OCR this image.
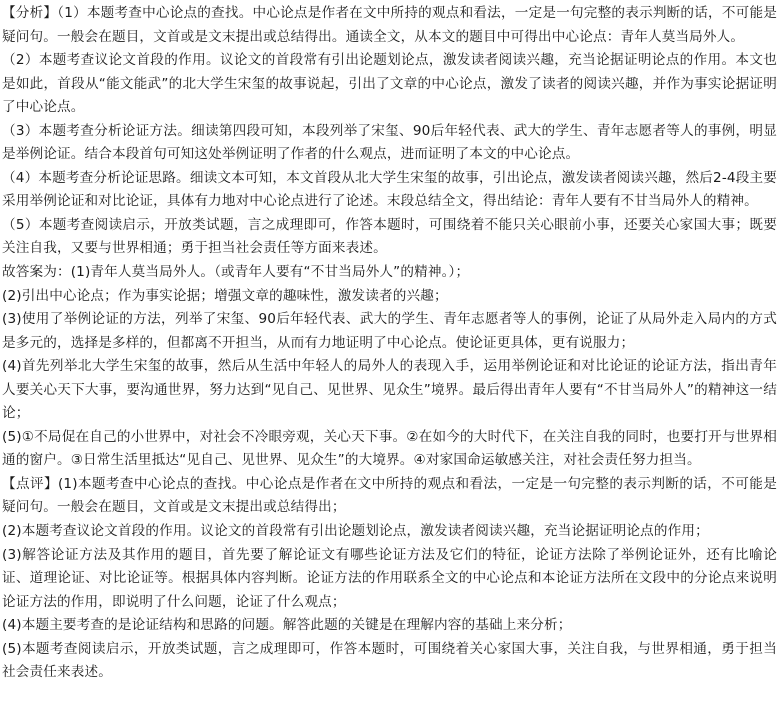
【分析】（1）本题考查中心论点的查找。中心论点是作者在文中所持的观点和看法，一定是一句完整的表示判断的话，不可能是疑问句。一般会在题目，文首或是文末提出或总结得出。通读全文，从本文的题目中可得出中心论点：青年人莫当局外人。

（2）本题考查议论文首段的作用。议论文的首段常有引出论题划论点，激发读者阅读兴趣，充当论据证明论点的作用。本文也是如此，首段从“能文能武”的北大学生宋玺的故事说起，引出了文章的中心论点，激发了读者的阅读兴趣，并作为事实论据证明了中心论点。

（3）本题考查分析论证方法。细读第四段可知，本段列举了宋玺、90后年轻代表、武大的学生、青年志愿者等人的事例，明显是举例论证。结合本段首句可知这处举例证明了作者的什么观点，进而证明了本文的中心论点。

（4）本题考查分析论证思路。细读文本可知，本文首段从北大学生宋玺的故事，引出论点，激发读者阅读兴趣，然后2-4段主要采用举例论证和对比论证，具体有力地对中心论点进行了论述。末段总结全文，得出结论：青年人要有不甘当局外人的精神。

（5）本题考查阅读启示，开放类试题，言之成理即可，作答本题时，可围绕着不能只关心眼前小事，还要关心家国大事；既要关注自我，又要与世界相通；勇于担当社会责任等方面来表述。

故答案为：(1)青年人莫当局外人。（或青年人要有“不甘当局外人”的精神。）；

(2)引出中心论点；作为事实论据；增强文章的趣味性，激发读者的兴趣；

(3)使用了举例论证的方法，列举了宋玺、90后年轻代表、武大的学生、青年志愿者等人的事例，论证了从局外走入局内的方式是多元的，选择是多样的，但都离不开担当，从而有力地证明了中心论点。使论证更具体，更有说服力；

(4)首先列举北大学生宋玺的故事，然后从生活中年轻人的局外人的表现入手，运用举例论证和对比论证的论证方法，指出青年人要关心天下大事，要沟通世界，努力达到“见自己、见世界、见众生”境界。最后得出青年人要有“不甘当局外人”的精神这一结论；

(5)①不局促在自己的小世界中，对社会不冷眼旁观，关心天下事。②在如今的大时代下，在关注自我的同时，也要打开与世界相通的窗户。③日常生活里抵达“见自己、见世界、见众生”的大境界。④对家国命运敏感关注，对社会责任努力担当。

【点评】(1)本题考查中心论点的查找。中心论点是作者在文中所持的观点和看法，一定是一句完整的表示判断的话，不可能是疑问句。一般会在题目，文首或是文末提出或总结得出；

(2)本题考查议论文首段的作用。议论文的首段常有引出论题划论点，激发读者阅读兴趣，充当论据证明论点的作用；

(3)解答论证方法及其作用的题目，首先要了解论证文有哪些论证方法及它们的特征，论证方法除了举例论证外，还有比喻论证、道理论证、对比论证等。根据具体内容判断。论证方法的作用联系全文的中心论点和本论证方法所在文段中的分论点来说明论证方法的作用，即说明了什么问题，论证了什么观点；

(4)本题主要考查的是论证结构和思路的问题。解答此题的关键是在理解内容的基础上来分析；

(5)本题考查阅读启示，开放类试题，言之成理即可，作答本题时，可围绕着关心家国大事，关注自我，与世界相通，勇于担当社会责任来表述。
